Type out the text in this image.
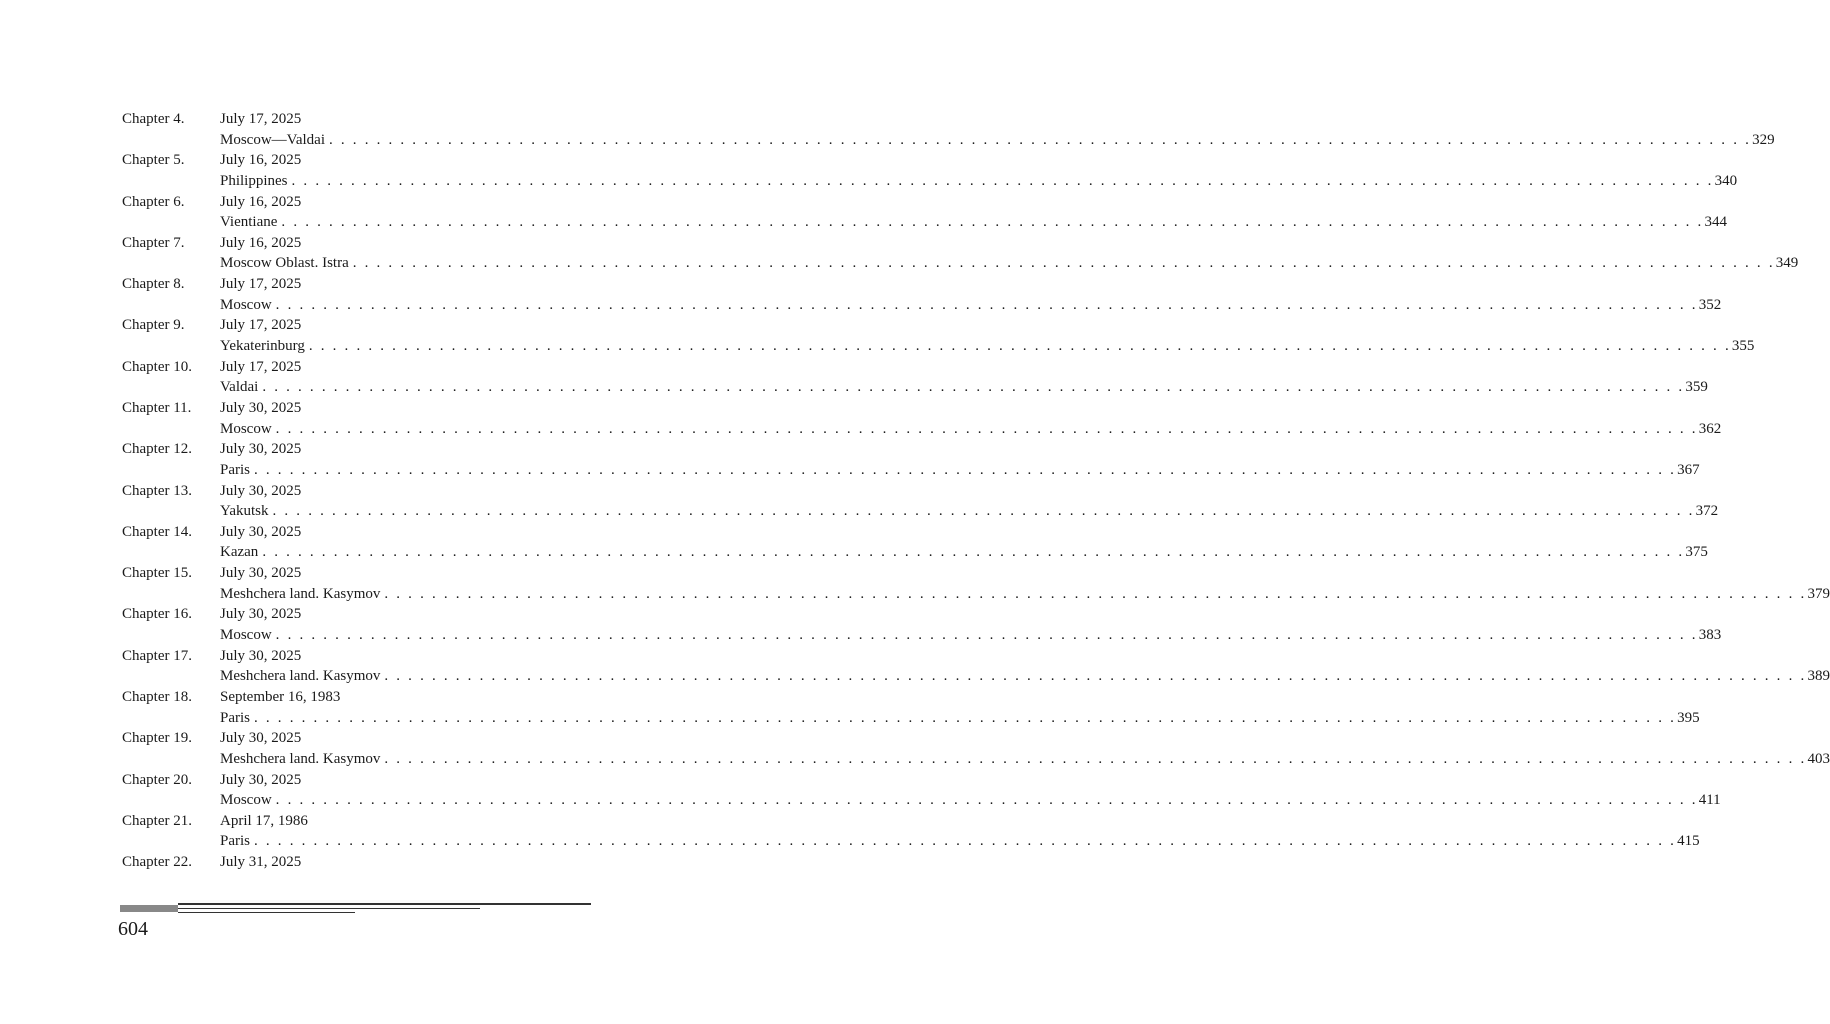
Chapter 4. July 17, 2025
Moscow—Valdai . . . . . . . . . . . . . . . . . . . . . . . . . . . . . . . . . . . . . . . . . . . . . . . . . . . . . . . . . . . . . . . . . . . . . . . . . . . . . . . . . . . . . . . . . . . . . . . . . . . . . . . . . . . . . . . . . . . . . . . . 329
Chapter 5. July 16, 2025
Philippines . . . . . . . . . . . . . . . . . . . . . . . . . . . . . . . . . . . . . . . . . . . . . . . . . . . . . . . . . . . . . . . . . . . . . . . . . . . . . . . . . . . . . . . . . . . . . . . . . . . . . . . . . . . . . . . . . . . . . . . . 340
Chapter 6. July 16, 2025
Vientiane . . . . . . . . . . . . . . . . . . . . . . . . . . . . . . . . . . . . . . . . . . . . . . . . . . . . . . . . . . . . . . . . . . . . . . . . . . . . . . . . . . . . . . . . . . . . . . . . . . . . . . . . . . . . . . . . . . . . . . . . 344
Chapter 7. July 16, 2025
Moscow Oblast. Istra . . . . . . . . . . . . . . . . . . . . . . . . . . . . . . . . . . . . . . . . . . . . . . . . . . . . . . . . . . . . . . . . . . . . . . . . . . . . . . . . . . . . . . . . . . . . . . . . . . . . . . . . . . . . . . . . . . . . . . . . 349
Chapter 8. July 17, 2025
Moscow . . . . . . . . . . . . . . . . . . . . . . . . . . . . . . . . . . . . . . . . . . . . . . . . . . . . . . . . . . . . . . . . . . . . . . . . . . . . . . . . . . . . . . . . . . . . . . . . . . . . . . . . . . . . . . . . . . . . . . . . 352
Chapter 9. July 17, 2025
Yekaterinburg . . . . . . . . . . . . . . . . . . . . . . . . . . . . . . . . . . . . . . . . . . . . . . . . . . . . . . . . . . . . . . . . . . . . . . . . . . . . . . . . . . . . . . . . . . . . . . . . . . . . . . . . . . . . . . . . . . . . . . . . 355
Chapter 10. July 17, 2025
Valdai . . . . . . . . . . . . . . . . . . . . . . . . . . . . . . . . . . . . . . . . . . . . . . . . . . . . . . . . . . . . . . . . . . . . . . . . . . . . . . . . . . . . . . . . . . . . . . . . . . . . . . . . . . . . . . . . . . . . . . . . 359
Chapter 11. July 30, 2025
Moscow . . . . . . . . . . . . . . . . . . . . . . . . . . . . . . . . . . . . . . . . . . . . . . . . . . . . . . . . . . . . . . . . . . . . . . . . . . . . . . . . . . . . . . . . . . . . . . . . . . . . . . . . . . . . . . . . . . . . . . . . 362
Chapter 12. July 30, 2025
Paris . . . . . . . . . . . . . . . . . . . . . . . . . . . . . . . . . . . . . . . . . . . . . . . . . . . . . . . . . . . . . . . . . . . . . . . . . . . . . . . . . . . . . . . . . . . . . . . . . . . . . . . . . . . . . . . . . . . . . . . . 367
Chapter 13. July 30, 2025
Yakutsk . . . . . . . . . . . . . . . . . . . . . . . . . . . . . . . . . . . . . . . . . . . . . . . . . . . . . . . . . . . . . . . . . . . . . . . . . . . . . . . . . . . . . . . . . . . . . . . . . . . . . . . . . . . . . . . . . . . . . . . . 372
Chapter 14. July 30, 2025
Kazan . . . . . . . . . . . . . . . . . . . . . . . . . . . . . . . . . . . . . . . . . . . . . . . . . . . . . . . . . . . . . . . . . . . . . . . . . . . . . . . . . . . . . . . . . . . . . . . . . . . . . . . . . . . . . . . . . . . . . . . . 375
Chapter 15. July 30, 2025
Meshchera land. Kasymov . . . . . . . . . . . . . . . . . . . . . . . . . . . . . . . . . . . . . . . . . . . . . . . . . . . . . . . . . . . . . . . . . . . . . . . . . . . . . . . . . . . . . . . . . . . . . . . . . . . . . . . . . . . . . . . . . . . . . . . . 379
Chapter 16. July 30, 2025
Moscow . . . . . . . . . . . . . . . . . . . . . . . . . . . . . . . . . . . . . . . . . . . . . . . . . . . . . . . . . . . . . . . . . . . . . . . . . . . . . . . . . . . . . . . . . . . . . . . . . . . . . . . . . . . . . . . . . . . . . . . . 383
Chapter 17. July 30, 2025
Meshchera land. Kasymov . . . . . . . . . . . . . . . . . . . . . . . . . . . . . . . . . . . . . . . . . . . . . . . . . . . . . . . . . . . . . . . . . . . . . . . . . . . . . . . . . . . . . . . . . . . . . . . . . . . . . . . . . . . . . . . . . . . . . . . . 389
Chapter 18. September 16, 1983
Paris . . . . . . . . . . . . . . . . . . . . . . . . . . . . . . . . . . . . . . . . . . . . . . . . . . . . . . . . . . . . . . . . . . . . . . . . . . . . . . . . . . . . . . . . . . . . . . . . . . . . . . . . . . . . . . . . . . . . . . . . 395
Chapter 19. July 30, 2025
Meshchera land. Kasymov . . . . . . . . . . . . . . . . . . . . . . . . . . . . . . . . . . . . . . . . . . . . . . . . . . . . . . . . . . . . . . . . . . . . . . . . . . . . . . . . . . . . . . . . . . . . . . . . . . . . . . . . . . . . . . . . . . . . . . . . 403
Chapter 20. July 30, 2025
Moscow . . . . . . . . . . . . . . . . . . . . . . . . . . . . . . . . . . . . . . . . . . . . . . . . . . . . . . . . . . . . . . . . . . . . . . . . . . . . . . . . . . . . . . . . . . . . . . . . . . . . . . . . . . . . . . . . . . . . . . . . 411
Chapter 21. April 17, 1986
Paris . . . . . . . . . . . . . . . . . . . . . . . . . . . . . . . . . . . . . . . . . . . . . . . . . . . . . . . . . . . . . . . . . . . . . . . . . . . . . . . . . . . . . . . . . . . . . . . . . . . . . . . . . . . . . . . . . . . . . . . . 415
Chapter 22. July 31, 2025
604
